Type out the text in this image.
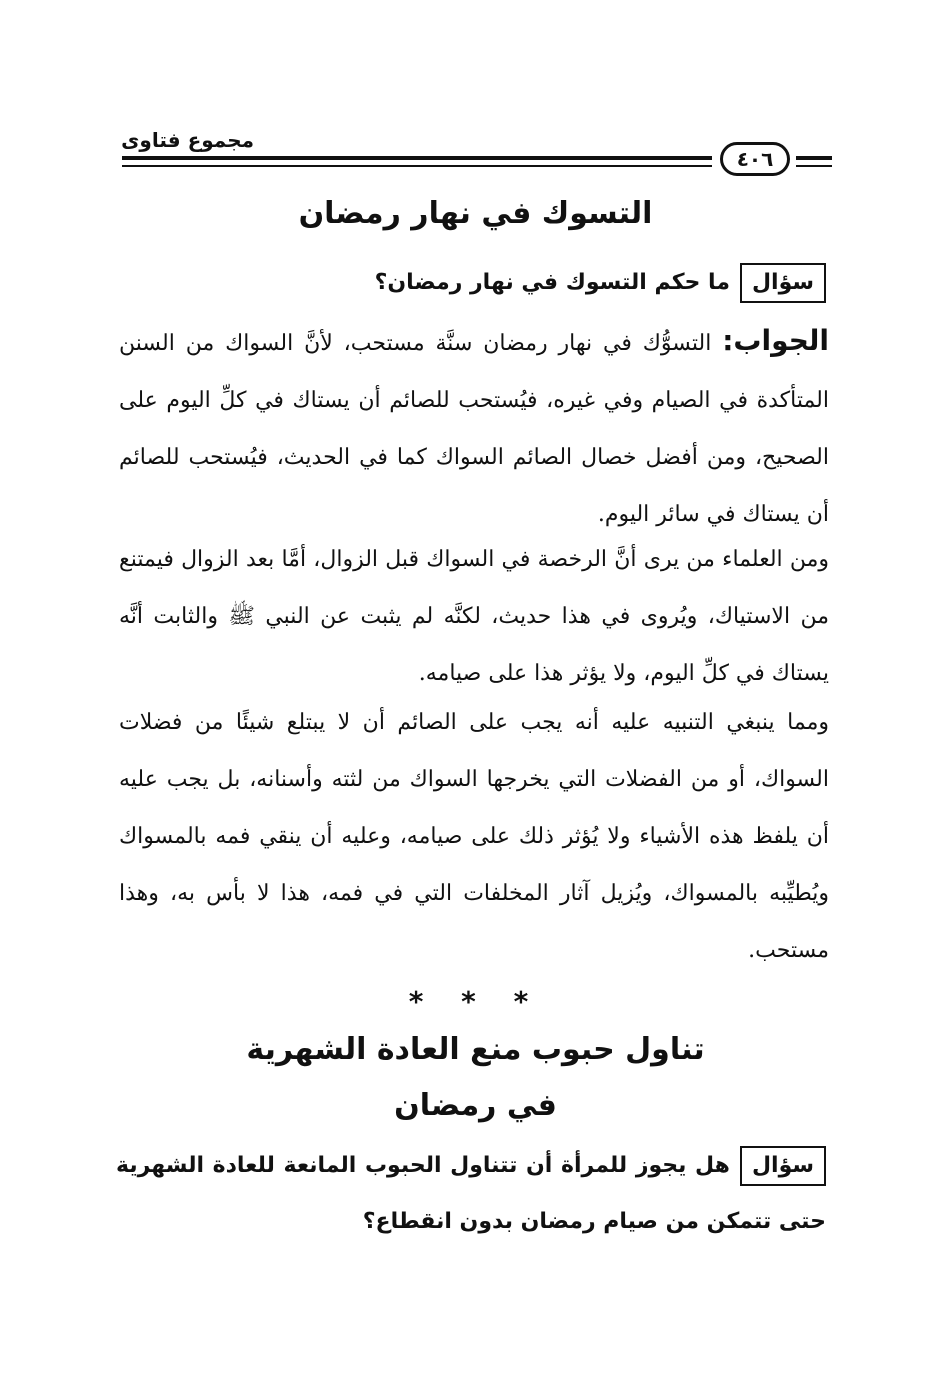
مجموع فتاوى
٤٠٦
التسوك في نهار رمضان
سؤالما حكم التسوك في نهار رمضان؟
الجواب: التسوُّك في نهار رمضان سنَّة مستحب، لأنَّ السواك من السنن المتأكدة في الصيام وفي غيره، فيُستحب للصائم أن يستاك في كلِّ اليوم على الصحيح، ومن أفضل خصال الصائم السواك كما في الحديث، فيُستحب للصائم أن يستاك في سائر اليوم.
ومن العلماء من يرى أنَّ الرخصة في السواك قبل الزوال، أمَّا بعد الزوال فيمتنع من الاستياك، ويُروى في هذا حديث، لكنَّه لم يثبت عن النبي ﷺ والثابت أنَّه يستاك في كلِّ اليوم، ولا يؤثر هذا على صيامه.
ومما ينبغي التنبيه عليه أنه يجب على الصائم أن لا يبتلع شيئًا من فضلات السواك، أو من الفضلات التي يخرجها السواك من لثته وأسنانه، بل يجب عليه أن يلفظ هذه الأشياء ولا يُؤثر ذلك على صيامه، وعليه أن ينقي فمه بالمسواك ويُطيِّبه بالمسواك، ويُزيل آثار المخلفات التي في فمه، هذا لا بأس به، وهذا مستحب.
* * *
تناول حبوب منع العادة الشهرية
في رمضان
سؤالهل يجوز للمرأة أن تتناول الحبوب المانعة للعادة الشهرية حتى تتمكن من صيام رمضان بدون انقطاع؟
